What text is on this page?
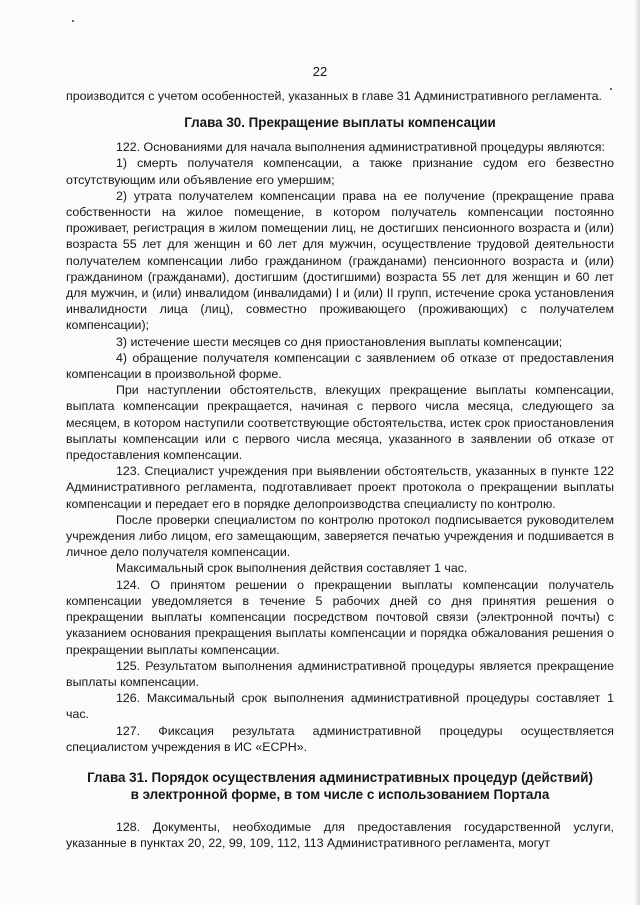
22

производится с учетом особенностей, указанных в главе 31 Административного регламента.

Глава 30. Прекращение выплаты компенсации

122. Основаниями для начала выполнения административной процедуры являются:

1) смерть получателя компенсации, а также признание судом его безвестно отсутствующим или объявление его умершим;

2) утрата получателем компенсации права на ее получение (прекращение права собственности на жилое помещение, в котором получатель компенсации постоянно проживает, регистрация в жилом помещении лиц, не достигших пенсионного возраста и (или) возраста 55 лет для женщин и 60 лет для мужчин, осуществление трудовой деятельности получателем компенсации либо гражданином (гражданами) пенсионного возраста и (или) гражданином (гражданами), достигшим (достигшими) возраста 55 лет для женщин и 60 лет для мужчин, и (или) инвалидом (инвалидами) I и (или) II групп, истечение срока установления инвалидности лица (лиц), совместно проживающего (проживающих) с получателем компенсации);

3) истечение шести месяцев со дня приостановления выплаты компенсации;

4) обращение получателя компенсации с заявлением об отказе от предоставления компенсации в произвольной форме.

При наступлении обстоятельств, влекущих прекращение выплаты компенсации, выплата компенсации прекращается, начиная с первого числа месяца, следующего за месяцем, в котором наступили соответствующие обстоятельства, истек срок приостановления выплаты компенсации или с первого числа месяца, указанного в заявлении об отказе от предоставления компенсации.

123. Специалист учреждения при выявлении обстоятельств, указанных в пункте 122 Административного регламента, подготавливает проект протокола о прекращении выплаты компенсации и передает его в порядке делопроизводства специалисту по контролю.

После проверки специалистом по контролю протокол подписывается руководителем учреждения либо лицом, его замещающим, заверяется печатью учреждения и подшивается в личное дело получателя компенсации.

Максимальный срок выполнения действия составляет 1 час.

124. О принятом решении о прекращении выплаты компенсации получатель компенсации уведомляется в течение 5 рабочих дней со дня принятия решения о прекращении выплаты компенсации посредством почтовой связи (электронной почты) с указанием основания прекращения выплаты компенсации и порядка обжалования решения о прекращении выплаты компенсации.

125. Результатом выполнения административной процедуры является прекращение выплаты компенсации.

126. Максимальный срок выполнения административной процедуры составляет 1 час.

127. Фиксация результата административной процедуры осуществляется специалистом учреждения в ИС «ЕСРН».

Глава 31. Порядок осуществления административных процедур (действий)
в электронной форме, в том числе с использованием Портала

128. Документы, необходимые для предоставления государственной услуги, указанные в пунктах 20, 22, 99, 109, 112, 113 Административного регламента, могут
